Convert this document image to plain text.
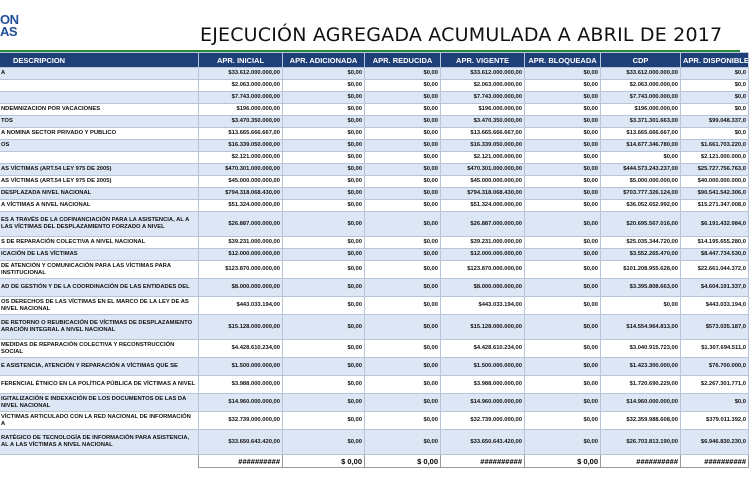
ON
AS	EJECUCIÓN AGREGADA ACUMULADA A ABRIL DE 2017
DESCRIPCION	APR. INICIAL	APR. ADICIONADA	APR. REDUCIDA	APR. VIGENTE	APR. BLOQUEADA	CDP	APR. DISPONIBLE
A	$33.612.000.000,00	$0,00	$0,00	$33.612.000.000,00	$0,00	$33.612.000.000,00	$0,0
	$2.063.000.000,00	$0,00	$0,00	$2.063.000.000,00	$0,00	$2.063.000.000,00	$0,0
	$7.743.000.000,00	$0,00	$0,00	$7.743.000.000,00	$0,00	$7.743.000.000,00	$0,0
NDEMNIZACION POR VACACIONES	$196.000.000,00	$0,00	$0,00	$196.000.000,00	$0,00	$196.000.000,00	$0,0
TOS	$3.470.350.000,00	$0,00	$0,00	$3.470.350.000,00	$0,00	$3.371.301.663,00	$99.048.337,0
A NOMINA SECTOR PRIVADO Y PUBLICO	$13.665.666.667,00	$0,00	$0,00	$13.665.666.667,00	$0,00	$13.665.666.667,00	$0,0
OS	$16.339.050.000,00	$0,00	$0,00	$16.339.050.000,00	$0,00	$14.677.346.780,00	$1.661.703.220,0
	$2.121.000.000,00	$0,00	$0,00	$2.121.000.000,00	$0,00	$0,00	$2.121.000.000,0
AS VÍCTIMAS (ART.54 LEY 975 DE 2005)	$470.301.000.000,00	$0,00	$0,00	$470.301.000.000,00	$0,00	$444.573.243.237,00	$25.727.756.763,0
AS VÍCTIMAS (ART.54 LEY 975 DE 2005)	$45.000.000.000,00	$0,00	$0,00	$45.000.000.000,00	$0,00	$5.000.000.000,00	$40.000.000.000,0
DESPLAZADA NIVEL NACIONAL	$794.318.068.430,00	$0,00	$0,00	$794.318.068.430,00	$0,00	$703.777.326.124,00	$90.541.542.306,0
A VÍCTIMAS A NIVEL NACIONAL	$51.324.000.000,00	$0,00	$0,00	$51.324.000.000,00	$0,00	$36.052.652.992,00	$15.271.347.008,0
ES A TRAVÉS DE LA COFINANCIACIÓN PARA LA ASISTENCIA, AL A LAS VÍCTIMAS DEL DESPLAZAMIENTO FORZADO A NIVEL	$26.887.000.000,00	$0,00	$0,00	$26.887.000.000,00	$0,00	$20.695.567.016,00	$6.191.432.984,0
S DE REPARACIÓN COLECTIVA A NIVEL NACIONAL	$39.231.000.000,00	$0,00	$0,00	$39.231.000.000,00	$0,00	$25.035.344.720,00	$14.195.655.280,0
ICACIÓN DE LAS VÍCTIMAS	$12.000.000.000,00	$0,00	$0,00	$12.000.000.000,00	$0,00	$3.552.265.470,00	$8.447.734.530,0
DE ATENCIÓN Y COMUNICACIÓN PARA LAS VÍCTIMAS PARA INSTITUCIONAL	$123.870.000.000,00	$0,00	$0,00	$123.870.000.000,00	$0,00	$101.208.955.628,00	$22.661.044.372,0
AD DE GESTIÓN Y DE LA COORDINACIÓN DE LAS ENTIDADES DEL	$8.000.000.000,00	$0,00	$0,00	$8.000.000.000,00	$0,00	$3.395.808.663,00	$4.604.191.337,0
OS DERECHOS DE LAS VÍCTIMAS EN EL MARCO DE LA LEY DE AS NIVEL NACIONAL	$443.033.194,00	$0,00	$0,00	$443.033.194,00	$0,00	$0,00	$443.033.194,0
DE RETORNO O REUBICACIÓN DE VÍCTIMAS DE DESPLAZAMIENTO ARACIÓN INTEGRAL A NIVEL NACIONAL	$15.128.000.000,00	$0,00	$0,00	$15.128.000.000,00	$0,00	$14.554.964.813,00	$573.035.187,0
MEDIDAS DE REPARACIÓN COLECTIVA Y RECONSTRUCCIÓN SOCIAL	$4.428.610.234,00	$0,00	$0,00	$4.428.610.234,00	$0,00	$3.040.915.723,00	$1.307.694.511,0
E ASISTENCIA, ATENCIÓN Y REPARACIÓN A VÍCTIMAS QUE SE	$1.500.000.000,00	$0,00	$0,00	$1.500.000.000,00	$0,00	$1.423.300.000,00	$76.700.000,0
FERENCIAL ÉTNICO EN LA POLÍTICA PÚBLICA DE VÍCTIMAS A NIVEL	$3.988.000.000,00	$0,00	$0,00	$3.988.000.000,00	$0,00	$1.720.690.229,00	$2.267.301.771,0
IGITALIZACIÓN E INDEXACIÓN DE LOS DOCUMENTOS DE LAS DA NIVEL NACIONAL	$14.960.000.000,00	$0,00	$0,00	$14.960.000.000,00	$0,00	$14.960.000.000,00	$0,0
VÍCTIMAS ARTICULADO CON LA RED NACIONAL DE INFORMACIÓN A	$32.739.000.000,00	$0,00	$0,00	$32.739.000.000,00	$0,00	$32.359.988.608,00	$379.011.392,0
RATÉGICO DE TECNOLOGÍA DE INFORMACIÓN PARA ASISTENCIA, AL A LAS VÍCTIMAS A NIVEL NACIONAL	$33.650.643.420,00	$0,00	$0,00	$33.650.643.420,00	$0,00	$26.703.813.190,00	$6.946.830.230,0
	##########	$ 0,00	$ 0,00	##########	$ 0,00	##########	##########
